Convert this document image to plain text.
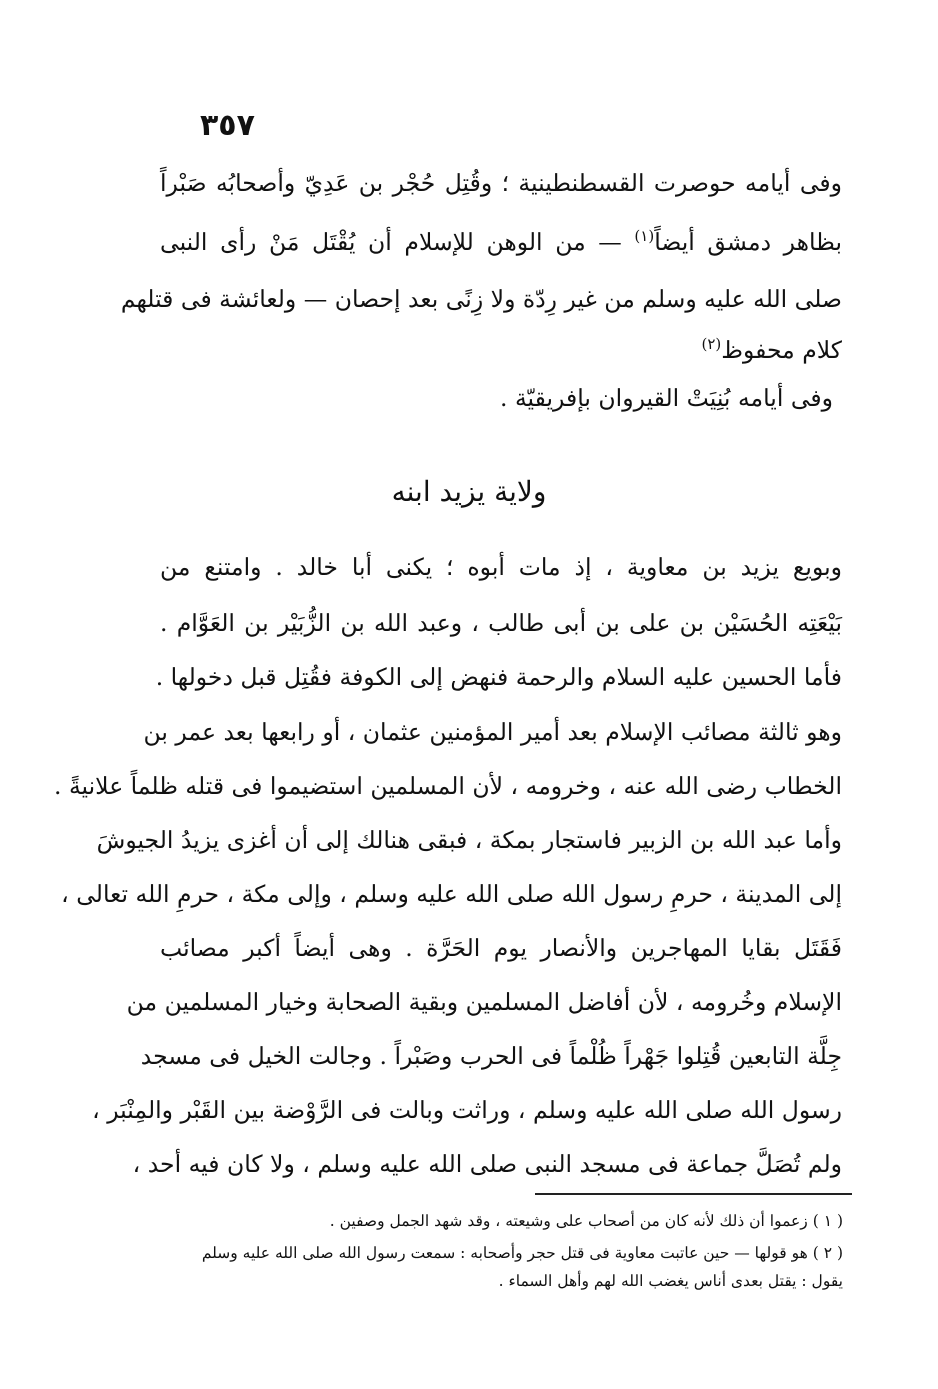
٣٥٧
وفى أيامه حوصرت القسطنطينية ؛ وقُتِل حُجْر بن عَدِيّ وأصحابُه صَبْراً
بظاهر دمشق أيضاً$^{(١)}$ — من الوهن للإسلام أن يُقْتَل مَنْ رأى النبى
صلى الله عليه وسلم من غير رِدّة ولا زِنًى بعد إحصان — ولعائشة فى قتلهم
كلام محفوظ$^{(٢)}$
وفى أيامه بُنِيَتْ القيروان بإفريقيّة .
ولاية يزيد ابنه
وبويع يزيد بن معاوية ، إذ مات أبوه ؛ يكنى أبا خالد . وامتنع من
بَيْعَتِه الحُسَيْن بن على بن أبى طالب ، وعبد الله بن الزُّبَيْر بن العَوَّام .
فأما الحسين عليه السلام والرحمة فنهض إلى الكوفة فقُتِل قبل دخولها .
وهو ثالثة مصائب الإسلام بعد أمير المؤمنين عثمان ، أو رابعها بعد عمر بن
الخطاب رضى الله عنه ، وخرومه ، لأن المسلمين استضيموا فى قتله ظلماً علانيةً .
وأما عبد الله بن الزبير فاستجار بمكة ، فبقى هنالك إلى أن أغزى يزيدُ الجيوشَ
إلى المدينة ، حرمِ رسول الله صلى الله عليه وسلم ، وإلى مكة ، حرمِ الله تعالى ،
فَقَتَل بقايا المهاجرين والأنصار يوم الحَرَّة . وهى أيضاً أكبر مصائب
الإسلام وخُرومه ، لأن أفاضل المسلمين وبقية الصحابة وخيار المسلمين من
جِلَّة التابعين قُتِلوا جَهْراً ظُلْماً فى الحرب وصَبْراً . وجالت الخيل فى مسجد
رسول الله صلى الله عليه وسلم ، وراثت وبالت فى الرَّوْضة بين القَبْر والمِنْبَر ،
ولم تُصَلَّ جماعة فى مسجد النبى صلى الله عليه وسلم ، ولا كان فيه أحد ،
( ١ ) زعموا أن ذلك لأنه كان من أصحاب على وشيعته ، وقد شهد الجمل وصفين .
( ٢ ) هو قولها — حين عاتبت معاوية فى قتل حجر وأصحابه : سمعت رسول الله صلى الله عليه وسلم
يقول : يقتل بعدى أناس يغضب الله لهم وأهل السماء .
